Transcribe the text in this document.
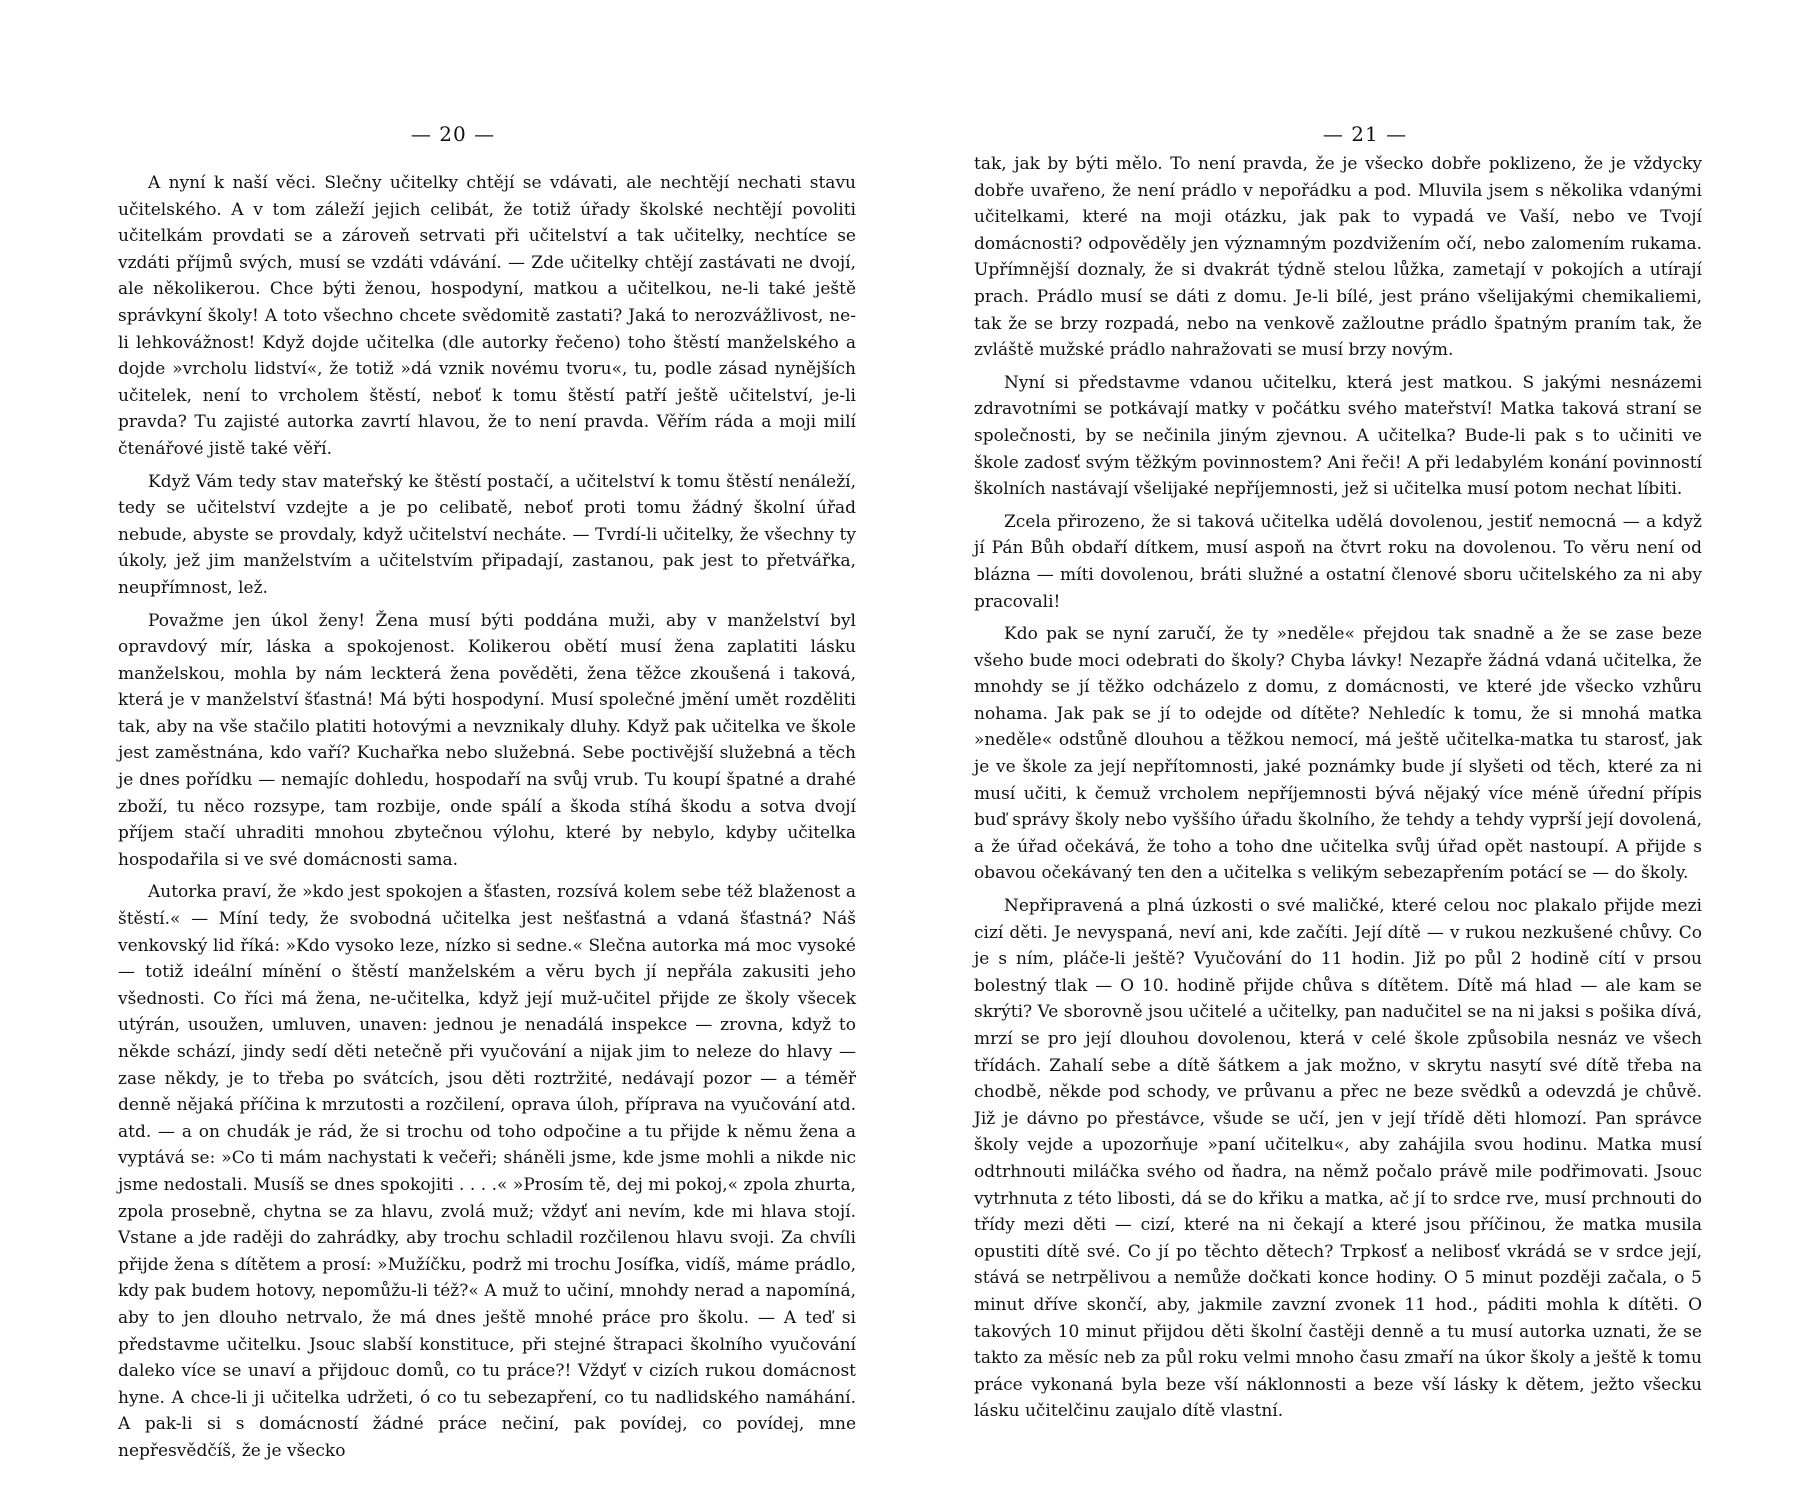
— 20 —

A nyní k naší věci. Slečny učitelky chtějí se vdávati, ale nechtějí nechati stavu učitelského. A v tom záleží jejich celibát, že totiž úřady školské nechtějí povoliti učitelkám provdati se a zároveň setrvati při učitelství a tak učitelky, nechtíce se vzdáti příjmů svých, musí se vzdáti vdávání. — Zde učitelky chtějí zastávati ne dvojí, ale několikerou. Chce býti ženou, hospodyní, matkou a učitelkou, ne-li také ještě správkyní školy! A toto všechno chcete svědomitě zastati? Jaká to nerozvážlivost, ne-li lehkovážnost! Když dojde učitelka (dle autorky řečeno) toho štěstí manželského a dojde »vrcholu lidství«, že totiž »dá vznik novému tvoru«, tu, podle zásad nynějších učitelek, není to vrcholem štěstí, neboť k tomu štěstí patří ještě učitelství, je-li pravda? Tu zajisté autorka zavrtí hlavou, že to není pravda. Věřím ráda a moji milí čtenářové jistě také věří.

Když Vám tedy stav mateřský ke štěstí postačí, a učitelství k tomu štěstí nenáleží, tedy se učitelství vzdejte a je po celibatě, neboť proti tomu žádný školní úřad nebude, abyste se provdaly, když učitelství necháte. — Tvrdí-li učitelky, že všechny ty úkoly, jež jim manželstvím a učitelstvím připadají, zastanou, pak jest to přetvářka, neupřímnost, lež.

Považme jen úkol ženy! Žena musí býti poddána muži, aby v manželství byl opravdový mír, láska a spokojenost. Kolikerou obětí musí žena zaplatiti lásku manželskou, mohla by nám leckterá žena pověděti, žena těžce zkoušená i taková, která je v manželství šťastná! Má býti hospodyní. Musí společné jmění umět rozděliti tak, aby na vše stačilo platiti hotovými a nevznikaly dluhy. Když pak učitelka ve škole jest zaměstnána, kdo vaří? Kuchařka nebo služebná. Sebe poctivější služebná a těch je dnes pořídku — nemajíc dohledu, hospodaří na svůj vrub. Tu koupí špatné a drahé zboží, tu něco rozsype, tam rozbije, onde spálí a škoda stíhá škodu a sotva dvojí příjem stačí uhraditi mnohou zbytečnou výlohu, které by nebylo, kdyby učitelka hospodařila si ve své domácnosti sama.

Autorka praví, že »kdo jest spokojen a šťasten, rozsívá kolem sebe též blaženost a štěstí.« — Míní tedy, že svobodná učitelka jest nešťastná a vdaná šťastná? Náš venkovský lid říká: »Kdo vysoko leze, nízko si sedne.« Slečna autorka má moc vysoké — totiž ideální mínění o štěstí manželském a věru bych jí nepřála zakusiti jeho všednosti. Co říci má žena, ne-učitelka, když její muž-učitel přijde ze školy všecek utýrán, usoužen, umluven, unaven: jednou je nenadálá inspekce — zrovna, když to někde schází, jindy sedí děti netečně při vyučování a nijak jim to neleze do hlavy — zase někdy, je to třeba po svátcích, jsou děti roztržité, nedávají pozor — a téměř denně nějaká příčina k mrzutosti a rozčilení, oprava úloh, příprava na vyučování atd. atd. — a on chudák je rád, že si trochu od toho odpočine a tu přijde k němu žena a vyptává se: »Co ti mám nachystati k večeři; sháněli jsme, kde jsme mohli a nikde nic jsme nedostali. Musíš se dnes spokojiti . . . .« »Prosím tě, dej mi pokoj,« zpola zhurta, zpola prosebně, chytna se za hlavu, zvolá muž; vždyť ani nevím, kde mi hlava stojí. Vstane a jde raději do zahrádky, aby trochu schladil rozčilenou hlavu svoji. Za chvíli přijde žena s dítětem a prosí: »Mužíčku, podrž mi trochu Josífka, vidíš, máme prádlo, kdy pak budem hotovy, nepomůžu-li též?« A muž to učiní, mnohdy nerad a napomíná, aby to jen dlouho netrvalo, že má dnes ještě mnohé práce pro školu. — A teď si představme učitelku. Jsouc slabší konstituce, při stejné štrapaci školního vyučování daleko více se unaví a přijdouc domů, co tu práce?! Vždyť v cizích rukou domácnost hyne. A chce-li ji učitelka udržeti, ó co tu sebezapření, co tu nadlidského namáhání. A pak-li si s domácností žádné práce nečiní, pak povídej, co povídej, mne nepřesvědčíš, že je všecko

— 21 —

tak, jak by býti mělo. To není pravda, že je všecko dobře poklizeno, že je vždycky dobře uvařeno, že není prádlo v nepořádku a pod. Mluvila jsem s několika vdanými učitelkami, které na moji otázku, jak pak to vypadá ve Vaší, nebo ve Tvojí domácnosti? odpověděly jen významným pozdvižením očí, nebo zalomením rukama. Upřímnější doznaly, že si dvakrát týdně stelou lůžka, zametají v pokojích a utírají prach. Prádlo musí se dáti z domu. Je-li bílé, jest práno všelijakými chemikaliemi, tak že se brzy rozpadá, nebo na venkově zažloutne prádlo špatným praním tak, že zvláště mužské prádlo nahražovati se musí brzy novým.

Nyní si představme vdanou učitelku, která jest matkou. S jakými nesnázemi zdravotními se potkávají matky v počátku svého mateřství! Matka taková straní se společnosti, by se nečinila jiným zjevnou. A učitelka? Bude-li pak s to učiniti ve škole zadosť svým těžkým povinnostem? Ani řeči! A při ledabylém konání povinností školních nastávají všelijaké nepříjemnosti, jež si učitelka musí potom nechat líbiti.

Zcela přirozeno, že si taková učitelka udělá dovolenou, jestiť nemocná — a když jí Pán Bůh obdaří dítkem, musí aspoň na čtvrt roku na dovolenou. To věru není od blázna — míti dovolenou, bráti služné a ostatní členové sboru učitelského za ni aby pracovali!

Kdo pak se nyní zaručí, že ty »neděle« přejdou tak snadně a že se zase beze všeho bude moci odebrati do školy? Chyba lávky! Nezapře žádná vdaná učitelka, že mnohdy se jí těžko odcházelo z domu, z domácnosti, ve které jde všecko vzhůru nohama. Jak pak se jí to odejde od dítěte? Nehledíc k tomu, že si mnohá matka »neděle« odstůně dlouhou a těžkou nemocí, má ještě učitelka-matka tu starosť, jak je ve škole za její nepřítomnosti, jaké poznámky bude jí slyšeti od těch, které za ni musí učiti, k čemuž vrcholem nepříjemnosti bývá nějaký více méně úřední přípis buď správy školy nebo vyššího úřadu školního, že tehdy a tehdy vyprší její dovolená, a že úřad očekává, že toho a toho dne učitelka svůj úřad opět nastoupí. A přijde s obavou očekávaný ten den a učitelka s velikým sebezapřením potácí se — do školy.

Nepřipravená a plná úzkosti o své maličké, které celou noc plakalo přijde mezi cizí děti. Je nevyspaná, neví ani, kde začíti. Její dítě — v rukou nezkušené chůvy. Co je s ním, pláče-li ještě? Vyučování do 11 hodin. Již po půl 2 hodině cítí v prsou bolestný tlak — O 10. hodině přijde chůva s dítětem. Dítě má hlad — ale kam se skrýti? Ve sborovně jsou učitelé a učitelky, pan nadučitel se na ni jaksi s pošika dívá, mrzí se pro její dlouhou dovolenou, která v celé škole způsobila nesnáz ve všech třídách. Zahalí sebe a dítě šátkem a jak možno, v skrytu nasytí své dítě třeba na chodbě, někde pod schody, ve průvanu a přec ne beze svědků a odevzdá je chůvě. Již je dávno po přestávce, všude se učí, jen v její třídě děti hlomozí. Pan správce školy vejde a upozorňuje »paní učitelku«, aby zahájila svou hodinu. Matka musí odtrhnouti miláčka svého od ňadra, na němž počalo právě mile podřimovati. Jsouc vytrhnuta z této libosti, dá se do křiku a matka, ač jí to srdce rve, musí prchnouti do třídy mezi děti — cizí, které na ni čekají a které jsou příčinou, že matka musila opustiti dítě své. Co jí po těchto dětech? Trpkosť a nelibosť vkrádá se v srdce její, stává se netrpělivou a nemůže dočkati konce hodiny. O 5 minut později začala, o 5 minut dříve skončí, aby, jakmile zavzní zvonek 11 hod., páditi mohla k dítěti. O takových 10 minut přijdou děti školní častěji denně a tu musí autorka uznati, že se takto za měsíc neb za půl roku velmi mnoho času zmaří na úkor školy a ještě k tomu práce vykonaná byla beze vší náklonnosti a beze vší lásky k dětem, ježto všecku lásku učitelčinu zaujalo dítě vlastní.
